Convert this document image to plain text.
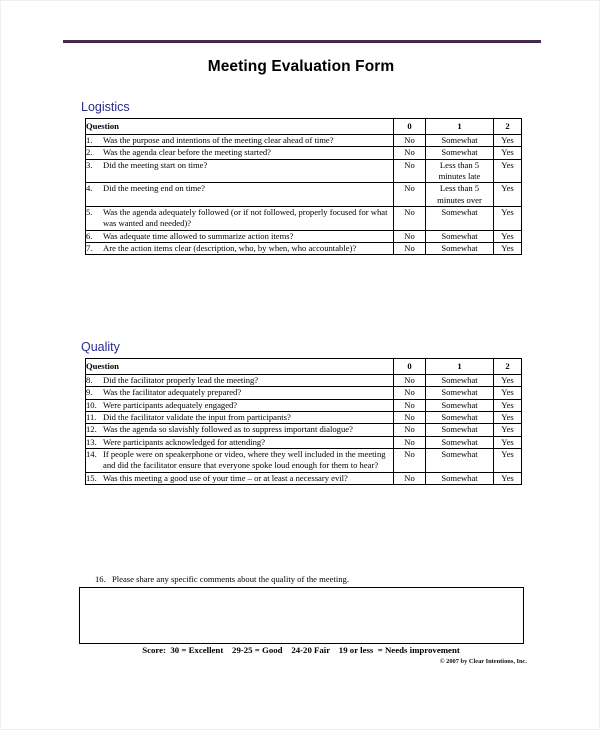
Meeting Evaluation Form
Logistics
Question	0	1	2

1. Was the purpose and intentions of the meeting clear ahead of time?	No	Somewhat	Yes

2. Was the agenda clear before the meeting started?	No	Somewhat	Yes

3. Did the meeting start on time?	No	Less than 5 minutes late	Yes

4. Did the meeting end on time?	No	Less than 5 minutes over	Yes

5. Was the agenda adequately followed (or if not followed, properly focused for what was wanted and needed)?	No	Somewhat	Yes

6. Was adequate time allowed to summarize action items?	No	Somewhat	Yes

7. Are the action items clear (description, who, by when, who accountable)?	No	Somewhat	Yes
Quality
Question	0	1	2

8. Did the facilitator properly lead the meeting?	No	Somewhat	Yes

9. Was the facilitator adequately prepared?	No	Somewhat	Yes

10. Were participants adequately engaged?	No	Somewhat	Yes

11. Did the facilitator validate the input from participants?	No	Somewhat	Yes

12. Was the agenda so slavishly followed as to suppress important dialogue?	No	Somewhat	Yes

13. Were participants acknowledged for attending?	No	Somewhat	Yes

14. If people were on speakerphone or video, where they well included in the meeting and did the facilitator ensure that everyone spoke loud enough for them to hear?	No	Somewhat	Yes

15. Was this meeting a good use of your time – or at least a necessary evil?	No	Somewhat	Yes
16. Please share any specific comments about the quality of the meeting.
Score:  30 = Excellent    29-25 = Good    24-20 Fair    19 or less  = Needs improvement
© 2007 by Clear Intentions, Inc.
